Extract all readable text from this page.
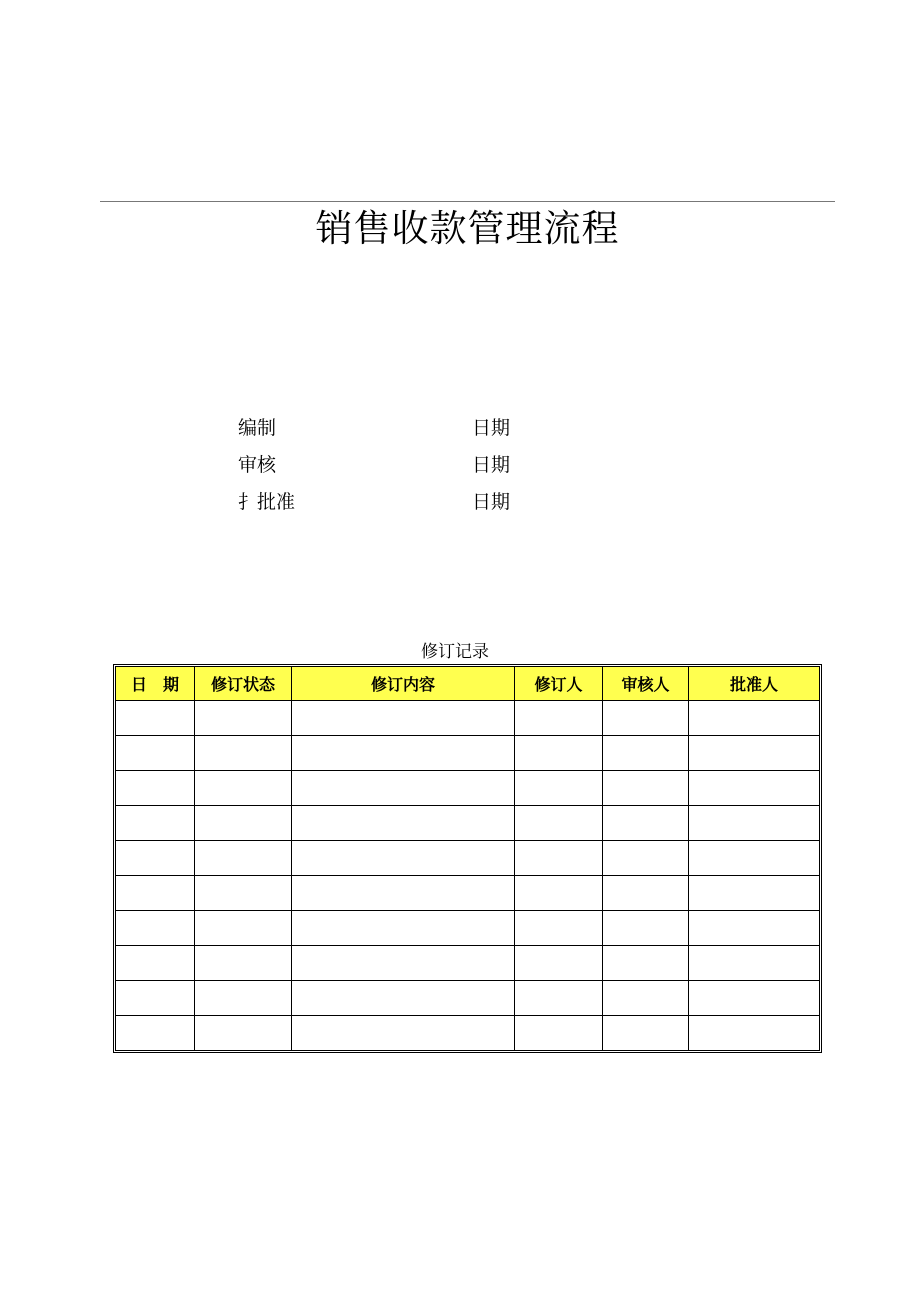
销售收款管理流程
编制	日期
审核	日期
扌批准	日期
修订记录
日　期	修订状态	修订内容	修订人	审核人	批准人
